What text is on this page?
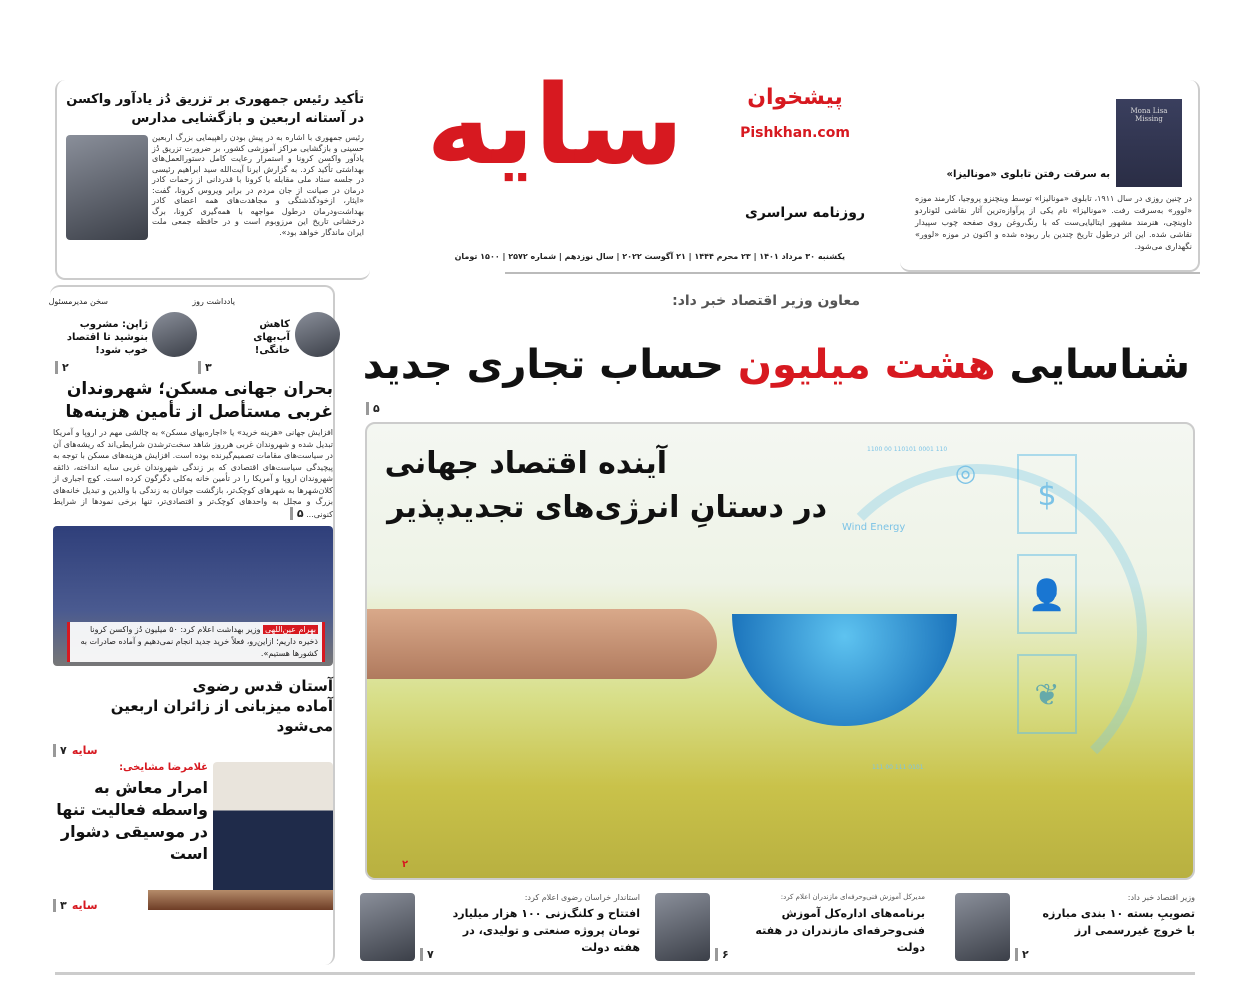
تأکید رئیس جمهوری بر تزریق دُز یادآور واکسن در آستانه اربعین و بازگشایی مدارس
رئیس جمهوری با اشاره به در پیش بودن راهپیمایی بزرگ اربعین حسینی و بازگشایی مراکز آموزشی کشور، بر ضرورت تزریق دُز یادآور واکسن کرونا و استمرار رعایت کامل دستورالعمل‌های بهداشتی تأکید کرد. به گزارش ایرنا آیت‌الله سید ابراهیم رئیسی در جلسه ستاد ملی مقابله با کرونا با قدردانی از زحمات کادر درمان در صیانت از جان مردم در برابر ویروس کرونا، گفت: «ایثار، ازخودگذشتگی و مجاهدت‌های همه اعضای کادر بهداشت‌ودرمان درطول مواجهه با همه‌گیری کرونا، برگ درخشانی تاریخ این مرزوبوم است و در حافظه جمعی ملت ایران ماندگار خواهد بود».
سایه	پیشخوان
Pishkhan.com
روزنامه سراسری
یکشنبه ۳۰ مرداد ۱۴۰۱ | ۲۳ محرم ۱۴۴۴ | ۲۱ آگوست ۲۰۲۲ | سال نوزدهم | شماره ۲۵۷۲ | ۱۵۰۰ تومان
Mona Lisa Missing
به سرقت رفتن تابلوی «مونالیزا»
در چنین روزی در سال ۱۹۱۱، تابلوی «مونالیزا» توسط وینچنزو پروجیا، کارمند موزه «لوور» به‌سرقت رفت. «مونالیزا» نام یکی از پرآوازه‌ترین آثار نقاشی لئوناردو داوینچی، هنرمند مشهور ایتالیایی‌ست که با رنگ‌روغن روی صفحه چوب سپیدار نقاشی شده. این اثر درطول تاریخ چندین بار ربوده شده و اکنون در موزه «لوور» نگهداری می‌شود.
معاون وزیر اقتصاد خبر داد:
شناسایی هشت میلیون حساب تجاری جدید
۵
$
👤
❦
◎
1100 00 110101 0001 110
111 00 111 0101
Wind Energy
آینده اقتصاد جهانی
در دستانِ انرژی‌های تجدیدپذیر
۲
یادداشت روز
سخن مدیرمسئول
کاهش آب‌بهای خانگی!
ژاپن: مشروب بنوشید تا اقتصاد خوب شود!
۳
۲
بحران جهانی مسکن؛ شهروندان غربی مستأصل از تأمین هزینه‌ها
افزایش جهانی «هزینه خرید» یا «اجاره‌بهای مسکن» به چالشی مهم در اروپا و آمریکا تبدیل شده و شهروندان غربی هرروز شاهد سخت‌ترشدن شرایطی‌اند که ریشه‌های آن در سیاست‌های مقامات تصمیم‌گیرنده بوده است. افزایش هزینه‌های مسکن با توجه به پیچیدگی سیاست‌های اقتصادی که بر زندگی شهروندان غربی سایه انداخته، ذائقه شهروندان اروپا و آمریکا را در تأمین خانه به‌کلی دگرگون کرده است. کوچ اجباری از کلان‌شهرها به شهرهای کوچک‌تر، بازگشت جوانان به زندگی با والدین و تبدیل خانه‌های بزرگ و مجلل به واحدهای کوچک‌تر و اقتصادی‌تر، تنها برخی نمودها از شرایط کنونی... ۵
بهرام عین‌اللهی وزیر بهداشت اعلام کرد: ۵۰ میلیون دُز واکسن کرونا ذخیره داریم؛ ازاین‌رو، فعلاً خرید جدید انجام نمی‌دهیم و آماده صادرات به کشورها هستیم».
آستان قدس رضوی
آماده میزبانی از زائران اربعین می‌شود
سایه ۷
غلامرضا مشایخی:
امرار معاش به واسطه فعالیت تنها در موسیقی دشوار است
سایه ۳
وزیر اقتصاد خبر داد:
تصویبِ بسته ۱۰ بندی مبارزه با خروج غیررسمی ارز
۲
مدیرکل آموزش فنی‌وحرفه‌ای مازندران اعلام کرد:
برنامه‌های اداره‌کل آموزش فنی‌وحرفه‌ای مازندران در هفته دولت
۶
استاندار خراسان رضوی اعلام کرد:
افتتاح و کلنگ‌زنی ۱۰۰ هزار میلیارد تومان پروژه صنعتی و تولیدی، در هفته دولت
۷
